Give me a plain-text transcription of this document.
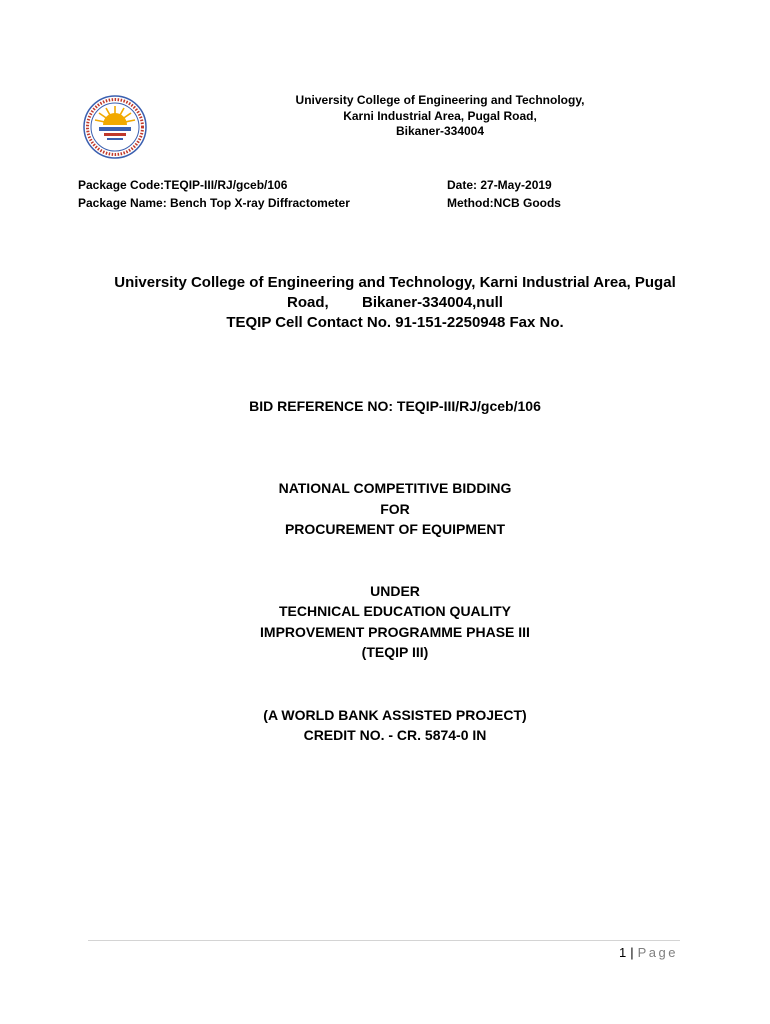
University College of Engineering and Technology,
Karni Industrial Area, Pugal Road,
Bikaner-334004
Package Code:TEQIP-III/RJ/gceb/106
Package Name: Bench Top X-ray Diffractometer
Date: 27-May-2019
Method:NCB Goods
University College of Engineering and Technology, Karni Industrial Area, Pugal
Road,        Bikaner-334004,null
TEQIP Cell Contact No. 91-151-2250948 Fax No.
BID REFERENCE NO: TEQIP-III/RJ/gceb/106
NATIONAL COMPETITIVE BIDDING
FOR
PROCUREMENT OF EQUIPMENT
UNDER
TECHNICAL EDUCATION QUALITY
IMPROVEMENT PROGRAMME PHASE III
(TEQIP III)
(A WORLD BANK ASSISTED PROJECT)
CREDIT NO. - CR. 5874-0 IN
1 | Page
